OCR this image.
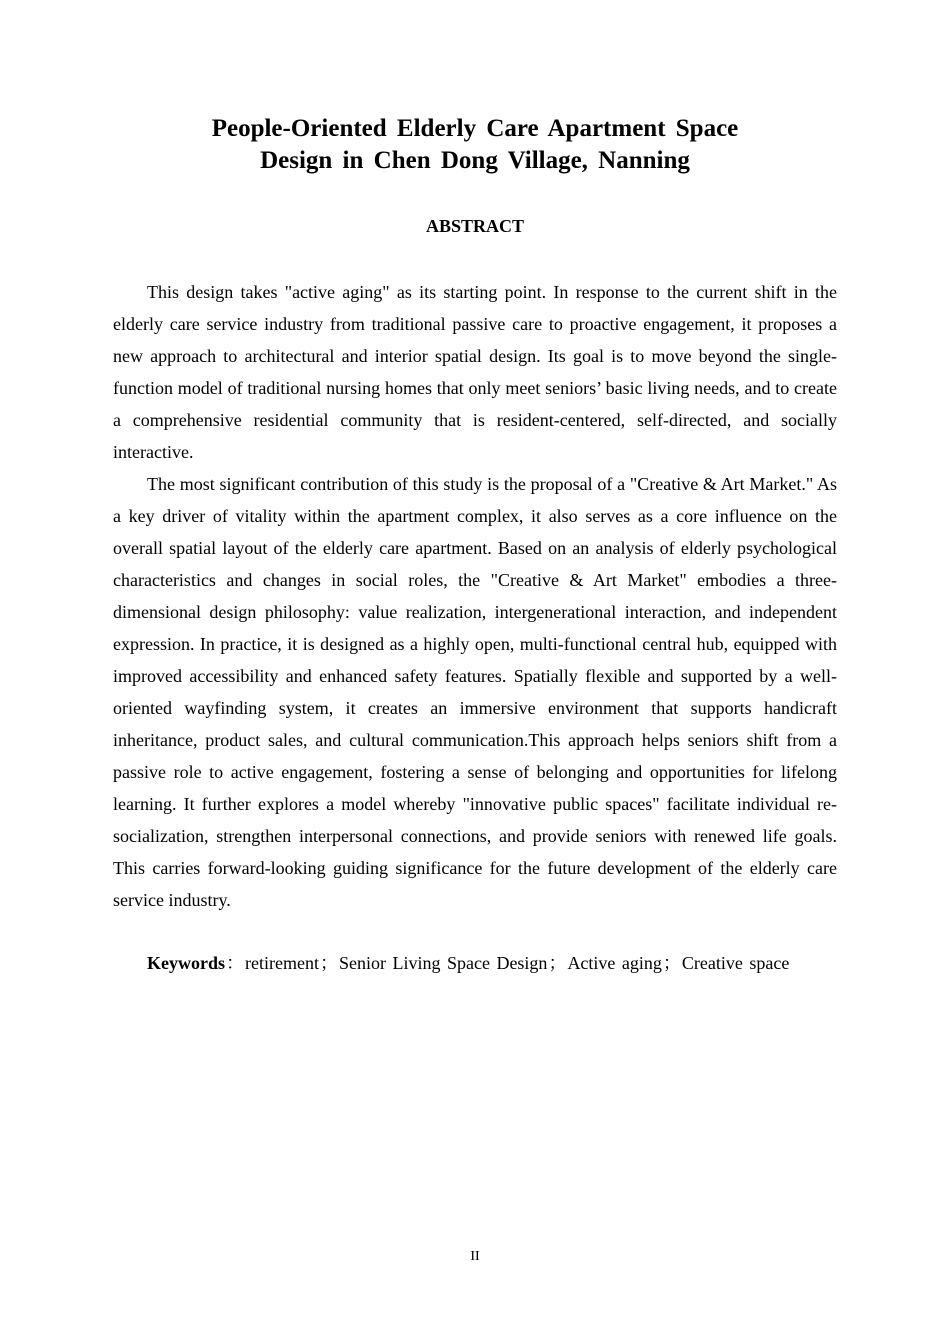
People-Oriented Elderly Care Apartment Space
Design in Chen Dong Village, Nanning
ABSTRACT

This design takes "active aging" as its starting point. In response to the current shift in the elderly care service industry from traditional passive care to proactive engagement, it proposes a new approach to architectural and interior spatial design. Its goal is to move beyond the single-function model of traditional nursing homes that only meet seniors’ basic living needs, and to create a comprehensive residential community that is resident-centered, self-directed, and socially interactive.

The most significant contribution of this study is the proposal of a "Creative & Art Market." As a key driver of vitality within the apartment complex, it also serves as a core influence on the overall spatial layout of the elderly care apartment. Based on an analysis of elderly psychological characteristics and changes in social roles, the "Creative & Art Market" embodies a three-dimensional design philosophy: value realization, intergenerational interaction, and independent expression. In practice, it is designed as a highly open, multi-functional central hub, equipped with improved accessibility and enhanced safety features. Spatially flexible and supported by a well-oriented wayfinding system, it creates an immersive environment that supports handicraft inheritance, product sales, and cultural communication.This approach helps seniors shift from a passive role to active engagement, fostering a sense of belonging and opportunities for lifelong learning. It further explores a model whereby "innovative public spaces" facilitate individual re-socialization, strengthen interpersonal connections, and provide seniors with renewed life goals. This carries forward-looking guiding significance for the future development of the elderly care service industry.

Keywords：retirement；Senior Living Space Design；Active aging；Creative space

II
